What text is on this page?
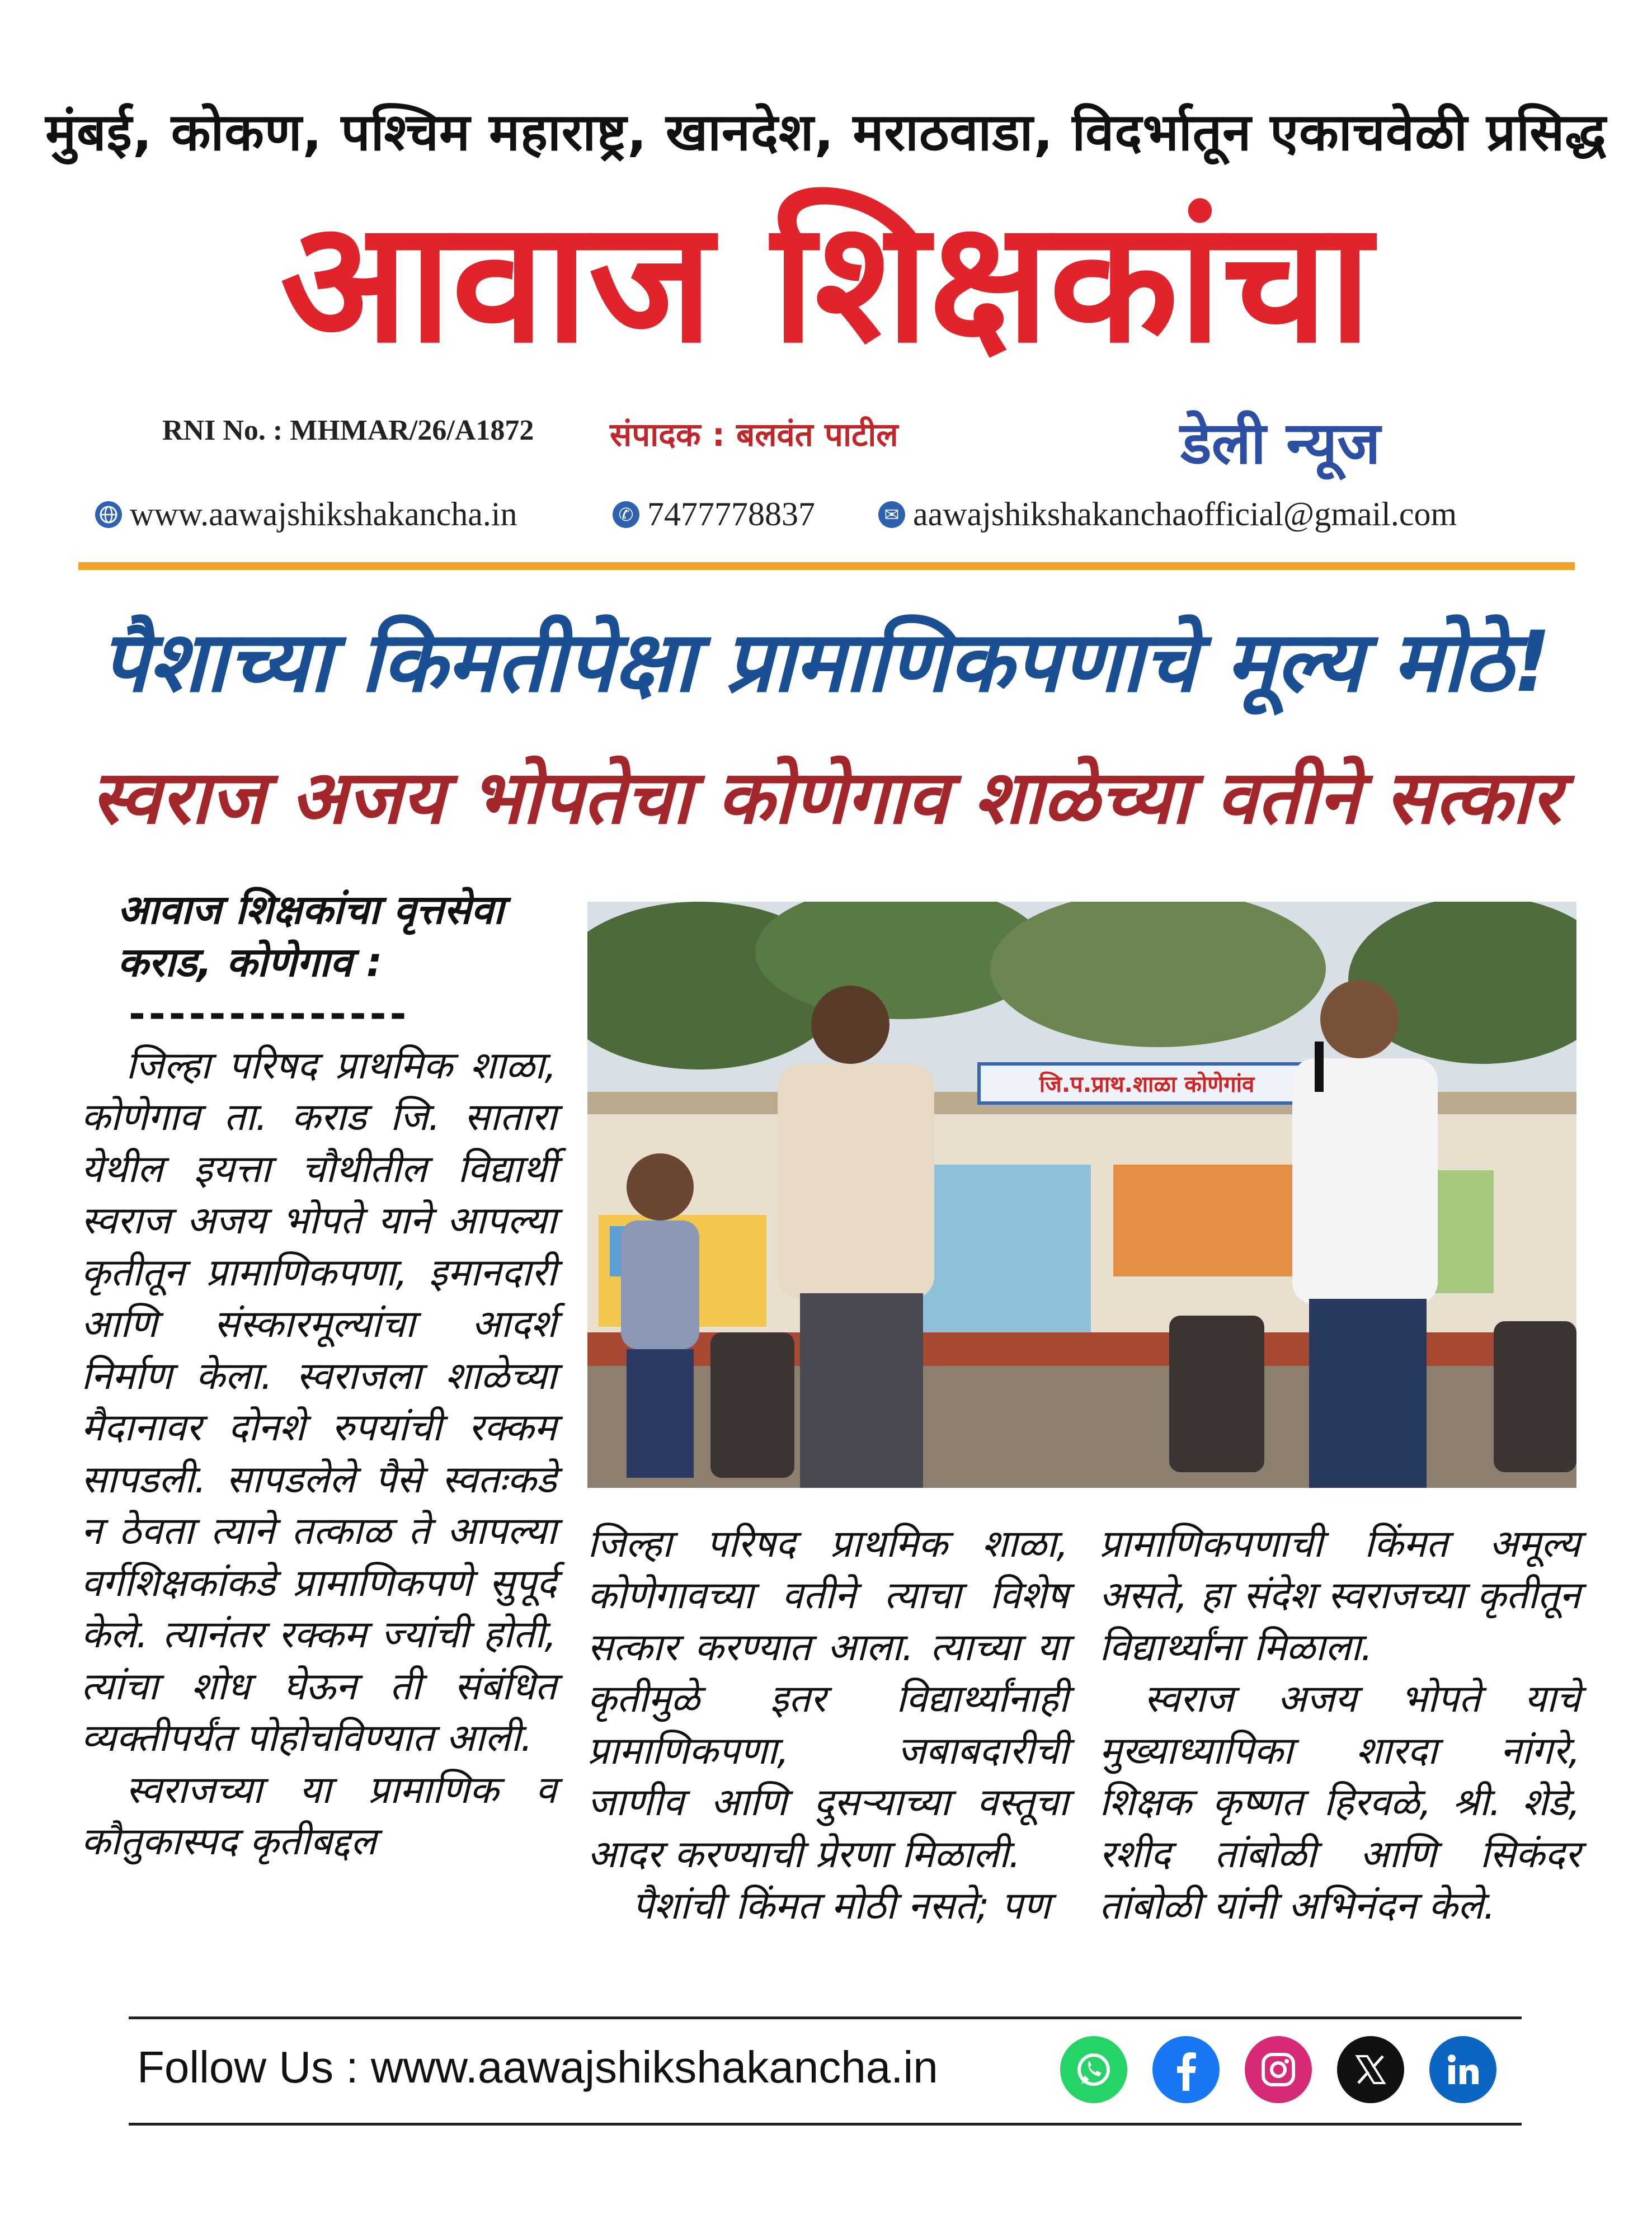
मुंबई, कोकण, पश्चिम महाराष्ट्र, खानदेश, मराठवाडा, विदर्भातून एकाचवेळी प्रसिद्ध
आवाज शिक्षकांचा
RNI No. : MHMAR/26/A1872 संपादक : बलवंत पाटील	डेली न्यूज
www.aawajshikshakancha.in	✆ 7477778837	✉ aawajshikshakanchaofficial@gmail.com
पैशाच्या किमतीपेक्षा प्रामाणिकपणाचे मूल्य मोठे!
स्वराज अजय भोपतेचा कोणेगाव शाळेच्या वतीने सत्कार
आवाज शिक्षकांचा वृत्तसेवा
कराड, कोणेगाव :
--------------

जिल्हा परिषद प्राथमिक शाळा, कोणेगाव ता. कराड जि. सातारा येथील इयत्ता चौथीतील विद्यार्थी स्वराज अजय भोपते याने आपल्या कृतीतून प्रामाणिकपणा, इमानदारी आणि संस्कारमूल्यांचा आदर्श निर्माण केला. स्वराजला शाळेच्या मैदानावर दोनशे रुपयांची रक्कम सापडली. सापडलेले पैसे स्वतःकडे न ठेवता त्याने तत्काळ ते आपल्या वर्गशिक्षकांकडे प्रामाणिकपणे सुपूर्द केले. त्यानंतर रक्कम ज्यांची होती, त्यांचा शोध घेऊन ती संबंधित व्यक्तीपर्यंत पोहोचविण्यात आली.

स्वराजच्या या प्रामाणिक व कौतुकास्पद कृतीबद्दल

जि.प.प्राथ.शाळा कोणेगांव

जिल्हा परिषद प्राथमिक शाळा, कोणेगावच्या वतीने त्याचा विशेष सत्कार करण्यात आला. त्याच्या या कृतीमुळे इतर विद्यार्थ्यांनाही प्रामाणिकपणा, जबाबदारीची जाणीव आणि दुसऱ्याच्या वस्तूचा आदर करण्याची प्रेरणा मिळाली.

पैशांची किंमत मोठी नसते; पण

प्रामाणिकपणाची किंमत अमूल्य असते, हा संदेश स्वराजच्या कृतीतून विद्यार्थ्यांना मिळाला.

स्वराज अजय भोपते याचे मुख्याध्यापिका शारदा नांगरे, शिक्षक कृष्णत हिरवळे, श्री. शेडे, रशीद तांबोळी आणि सिकंदर तांबोळी यांनी अभिनंदन केले.

Follow Us : www.aawajshikshakancha.in
